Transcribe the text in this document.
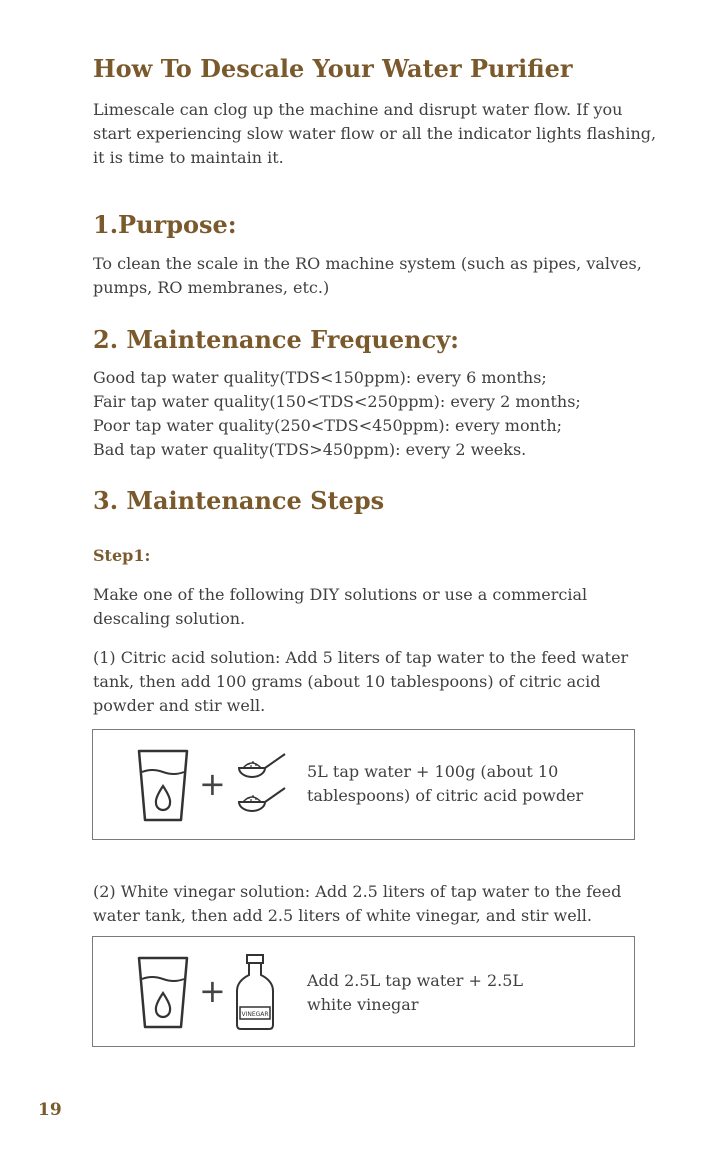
How To Descale Your Water Purifier

Limescale can clog up the machine and disrupt water flow. If you start experiencing slow water flow or all the indicator lights flashing, it is time to maintain it.

1.Purpose:

To clean the scale in the RO machine system (such as pipes, valves, pumps, RO membranes, etc.)

2. Maintenance Frequency:
Good tap water quality(TDS<150ppm): every 6 months;
Fair tap water quality(150<TDS<250ppm): every 2 months;
Poor tap water quality(250<TDS<450ppm): every month;
Bad tap water quality(TDS>450ppm): every 2 weeks.
3. Maintenance Steps
Step1:

Make one of the following DIY solutions or use a commercial descaling solution.

(1) Citric acid solution: Add 5 liters of tap water to the feed water tank, then add 100 grams (about 10 tablespoons) of citric acid powder and stir well.

+	5L tap water + 100g (about 10 tablespoons) of citric acid powder

(2) White vinegar solution: Add 2.5 liters of tap water to the feed water tank, then add 2.5 liters of white vinegar, and stir well.

+
VINEGAR
Add 2.5L tap water + 2.5L white vinegar
19
